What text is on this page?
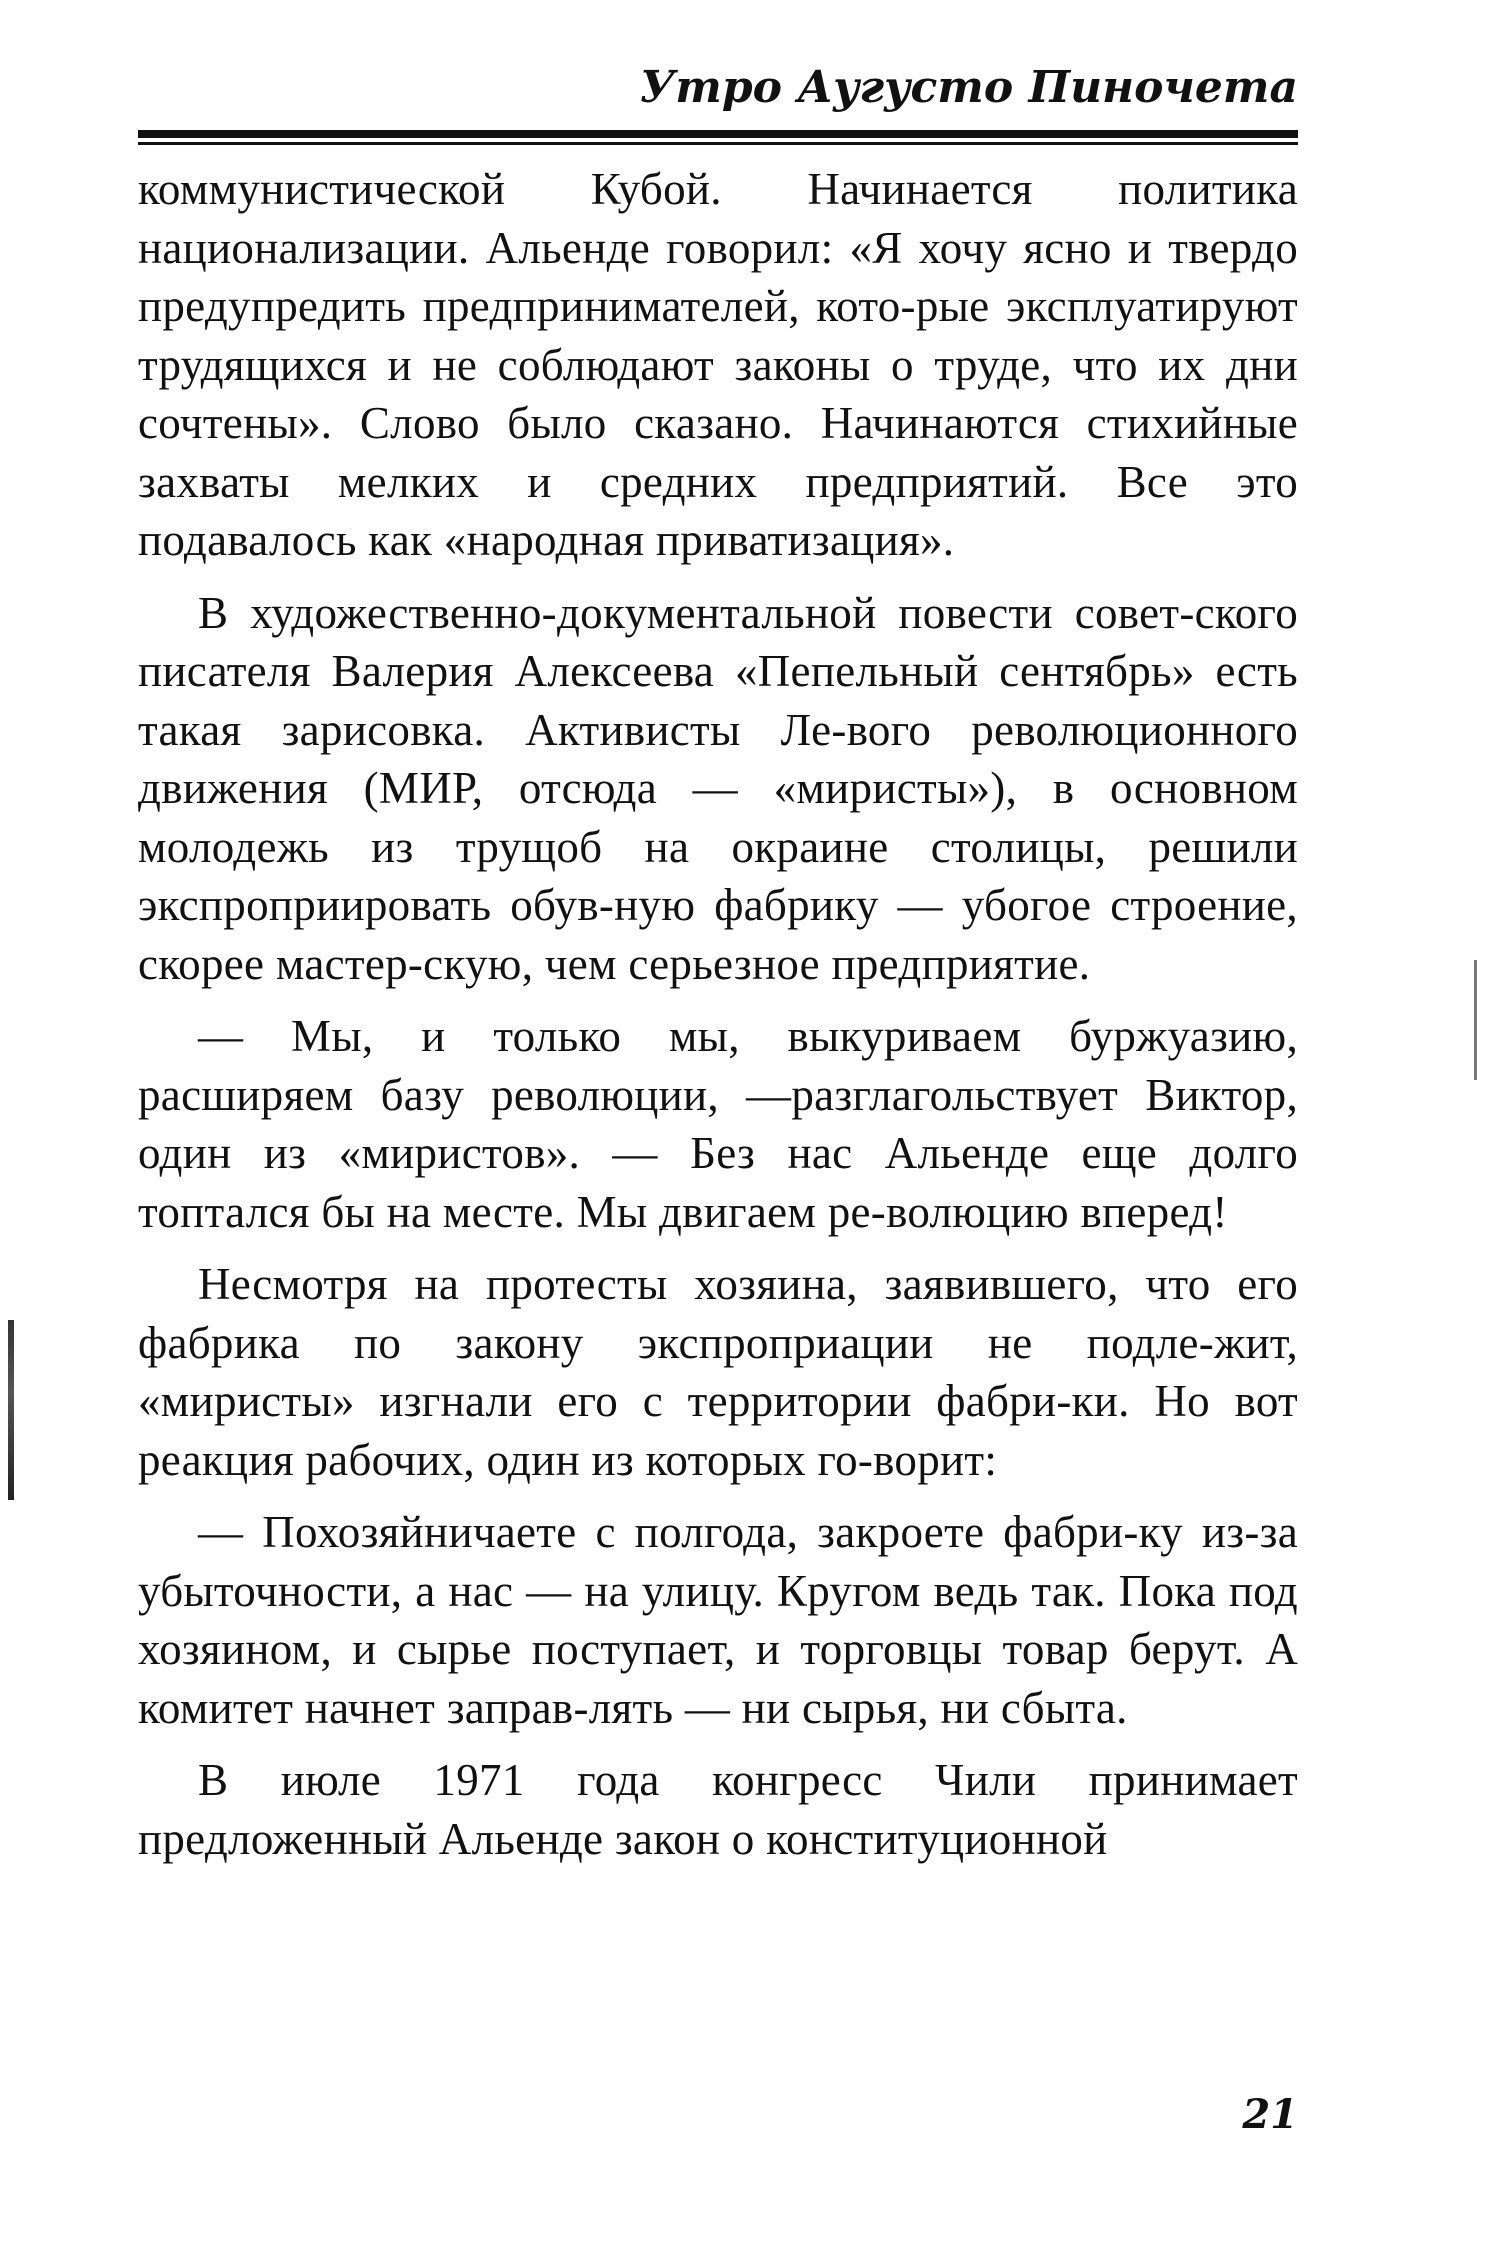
Утро Аугусто Пиночета

коммунистической Кубой. Начинается политика национализации. Альенде говорил: «Я хочу ясно и твердо предупредить предпринимателей, кото-рые эксплуатируют трудящихся и не соблюдают законы о труде, что их дни сочтены». Слово было сказано. Начинаются стихийные захваты мелких и средних предприятий. Все это подавалось как «народная приватизация».

В художественно-документальной повести совет-ского писателя Валерия Алексеева «Пепельный сентябрь» есть такая зарисовка. Активисты Ле-вого революционного движения (МИР, отсюда — «миристы»), в основном молодежь из трущоб на окраине столицы, решили экспроприировать обув-ную фабрику — убогое строение, скорее мастер-скую, чем серьезное предприятие.

— Мы, и только мы, выкуриваем буржуазию, расширяем базу революции, —разглагольствует Виктор, один из «миристов». — Без нас Альенде еще долго топтался бы на месте. Мы двигаем ре-волюцию вперед!

Несмотря на протесты хозяина, заявившего, что его фабрика по закону экспроприации не подле-жит, «миристы» изгнали его с территории фабри-ки. Но вот реакция рабочих, один из которых го-ворит:

— Похозяйничаете с полгода, закроете фабри-ку из-за убыточности, а нас — на улицу. Кругом ведь так. Пока под хозяином, и сырье поступает, и торговцы товар берут. А комитет начнет заправ-лять — ни сырья, ни сбыта.

В июле 1971 года конгресс Чили принимает предложенный Альенде закон о конституционной

21
